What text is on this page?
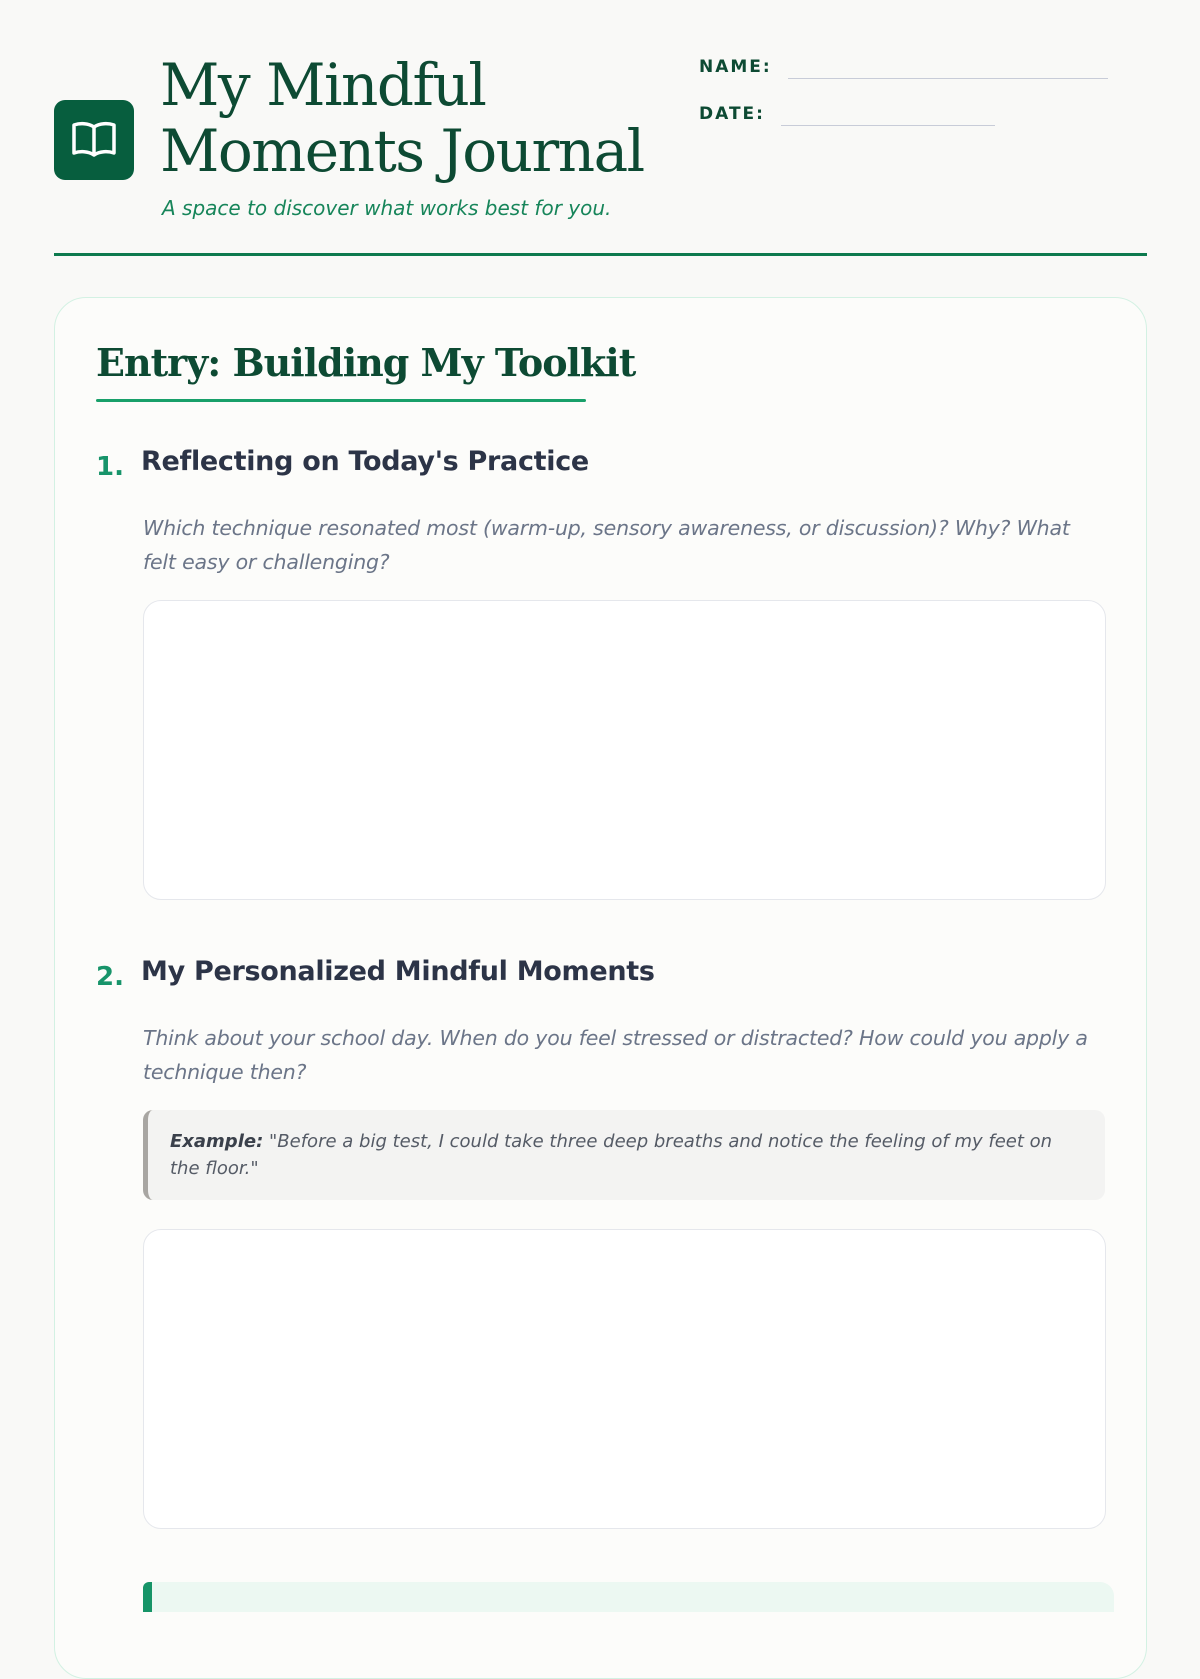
My Mindful
Moments Journal
A space to discover what works best for you.
NAME:
DATE:
Entry: Building My Toolkit
1. Reflecting on Today's Practice
Which technique resonated most (warm-up, sensory awareness, or discussion)? Why? What felt easy or challenging?
2. My Personalized Mindful Moments
Think about your school day. When do you feel stressed or distracted? How could you apply a technique then?
Example: "Before a big test, I could take three deep breaths and notice the feeling of my feet on the floor."
